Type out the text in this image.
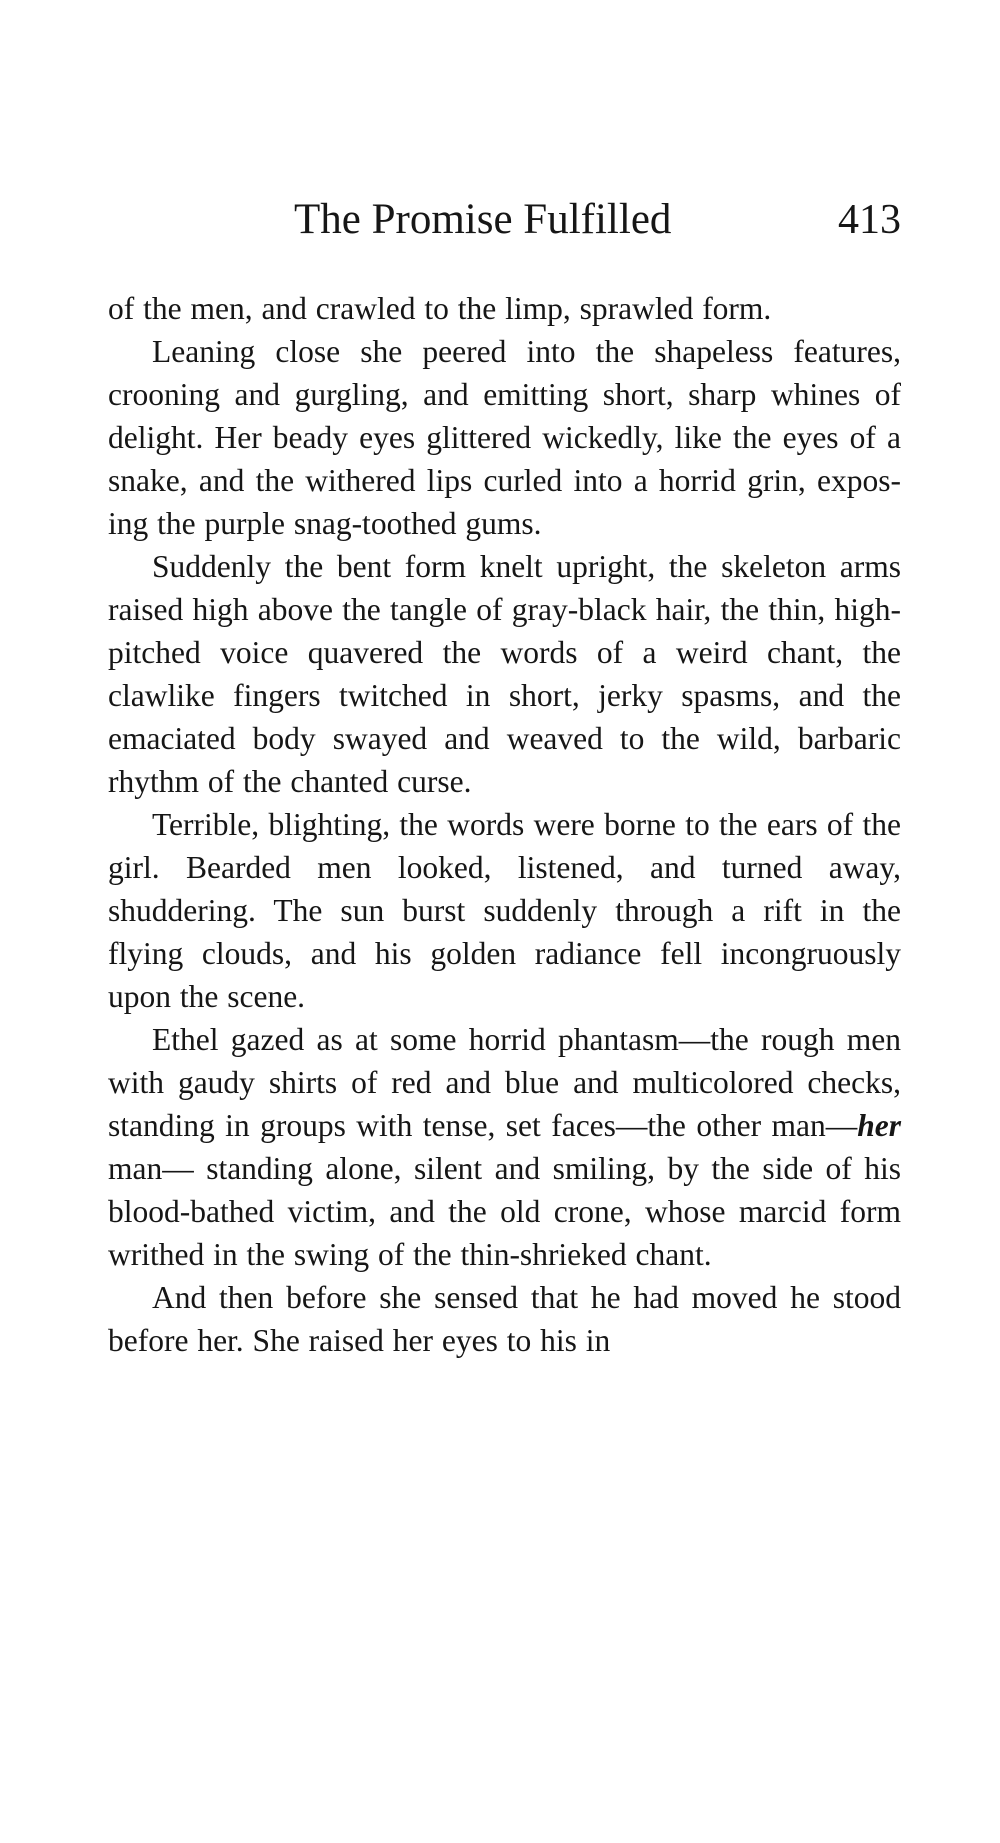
The Promise Fulfilled	413

of the men, and crawled to the limp, sprawled form.

Leaning close she peered into the shapeless features, crooning and gurgling, and emitting short, sharp whines of delight. Her beady eyes glittered wickedly, like the eyes of a snake, and the withered lips curled into a horrid grin, exposing the purple snag-toothed gums.

Suddenly the bent form knelt upright, the skeleton arms raised high above the tangle of gray-black hair, the thin, high-pitched voice quavered the words of a weird chant, the clawlike fingers twitched in short, jerky spasms, and the emaciated body swayed and weaved to the wild, barbaric rhythm of the chanted curse.

Terrible, blighting, the words were borne to the ears of the girl. Bearded men looked, listened, and turned away, shuddering. The sun burst suddenly through a rift in the flying clouds, and his golden radiance fell incongruously upon the scene.

Ethel gazed as at some horrid phantasm—the rough men with gaudy shirts of red and blue and multicolored checks, standing in groups with tense, set faces—the other man—her man— standing alone, silent and smiling, by the side of his blood-bathed victim, and the old crone, whose marcid form writhed in the swing of the thin-shrieked chant.

And then before she sensed that he had moved he stood before her. She raised her eyes to his in
